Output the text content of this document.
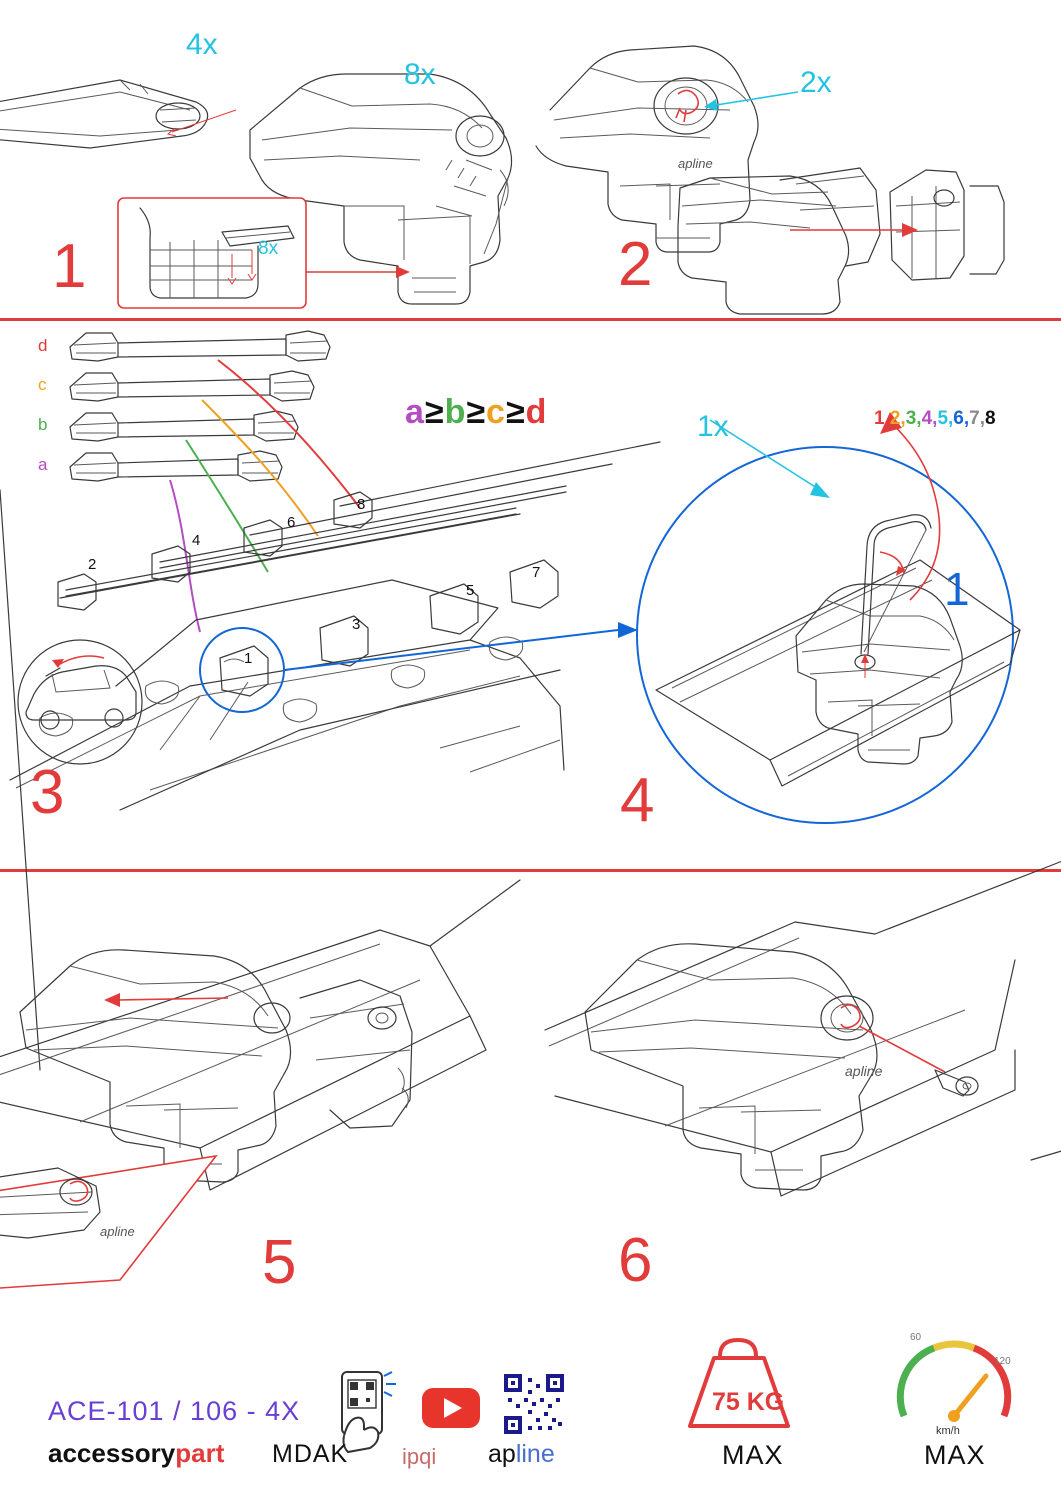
4x
8x
8x
1
apline
2x
2
d
c
b
a
a≥b≥c≥d
2
4
6
8
1
3
5
7
3
1x	1,2,3,4,5,6,7,8
1
4
apline 5
apline
6
ACE-101 / 106 - 4X
accessorypart MDAK ipqi apline
75 KG
MAX
60
120
km/h
MAX
